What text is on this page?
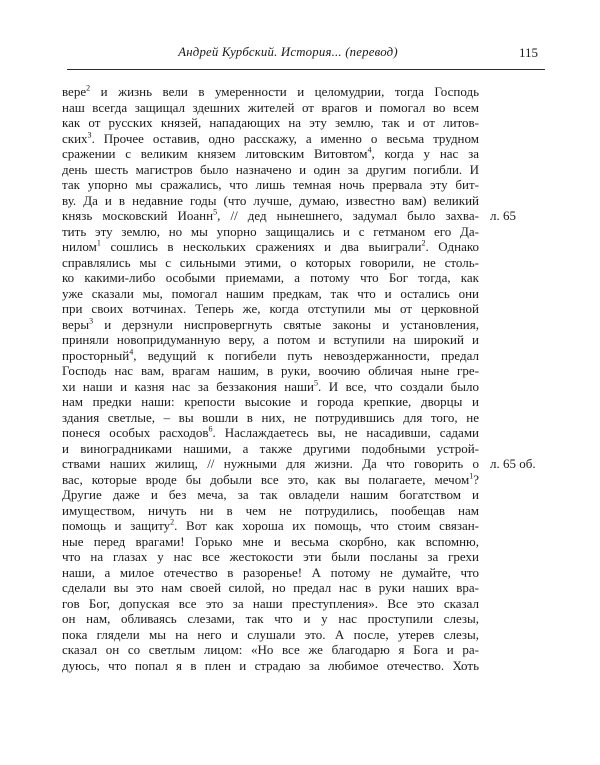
Андрей Курбский. История... (перевод)	115
вере$^2$ и жизнь вели в умеренности и целомудрии, тогда Господь
наш всегда защищал здешних жителей от врагов и помогал во всем
как от русских князей, нападающих на эту землю, так и от литов-
ских$^3$. Прочее оставив, одно расскажу, а именно о весьма трудном
сражении с великим князем литовским Витовтом$^4$, когда у нас за
день шесть магистров было назначено и один за другим погибли. И
так упорно мы сражались, что лишь темная ночь прервала эту бит-
ву. Да и в недавние годы (что лучше, думаю, известно вам) великий
князь московский Иоанн$^5$, // дед нынешнего, задумал было захва- л. 65
тить эту землю, но мы упорно защищались и с гетманом его Да-
нилом$^1$ сошлись в нескольких сражениях и два выиграли$^2$. Однако
справлялись мы с сильными этими, о которых говорили, не столь-
ко какими-либо особыми приемами, а потому что Бог тогда, как
уже сказали мы, помогал нашим предкам, так что и остались они
при своих вотчинах. Теперь же, когда отступили мы от церковной
веры$^3$ и дерзнули ниспровергнуть святые законы и установления,
приняли новопридуманную веру, а потом и вступили на широкий и
просторный$^4$, ведущий к погибели путь невоздержанности, предал
Господь нас вам, врагам нашим, в руки, воочию обличая ныне гре-
хи наши и казня нас за беззакония наши$^5$. И все, что создали было
нам предки наши: крепости высокие и города крепкие, дворцы и
здания светлые, – вы вошли в них, не потрудившись для того, не
понеся особых расходов$^6$. Наслаждаетесь вы, не насадивши, садами
и виноградниками нашими, а также другими подобными устрой-
ствами наших жилищ, // нужными для жизни. Да что говорить о л. 65 об.
вас, которые вроде бы добыли все это, как вы полагаете, мечом$^1$?
Другие даже и без меча, за так овладели нашим богатством и
имуществом, ничуть ни в чем не потрудились, пообещав нам
помощь и защиту$^2$. Вот как хороша их помощь, что стоим связан-
ные перед врагами! Горько мне и весьма скорбно, как вспомню,
что на глазах у нас все жестокости эти были посланы за грехи
наши, а милое отечество в разоренье! А потому не думайте, что
сделали вы это нам своей силой, но предал нас в руки наших вра-
гов Бог, допуская все это за наши преступления». Все это сказал
он нам, обливаясь слезами, так что и у нас проступили слезы,
пока глядели мы на него и слушали это. А после, утерев слезы,
сказал он со светлым лицом: «Но все же благодарю я Бога и ра-
дуюсь, что попал я в плен и страдаю за любимое отечество. Хоть
